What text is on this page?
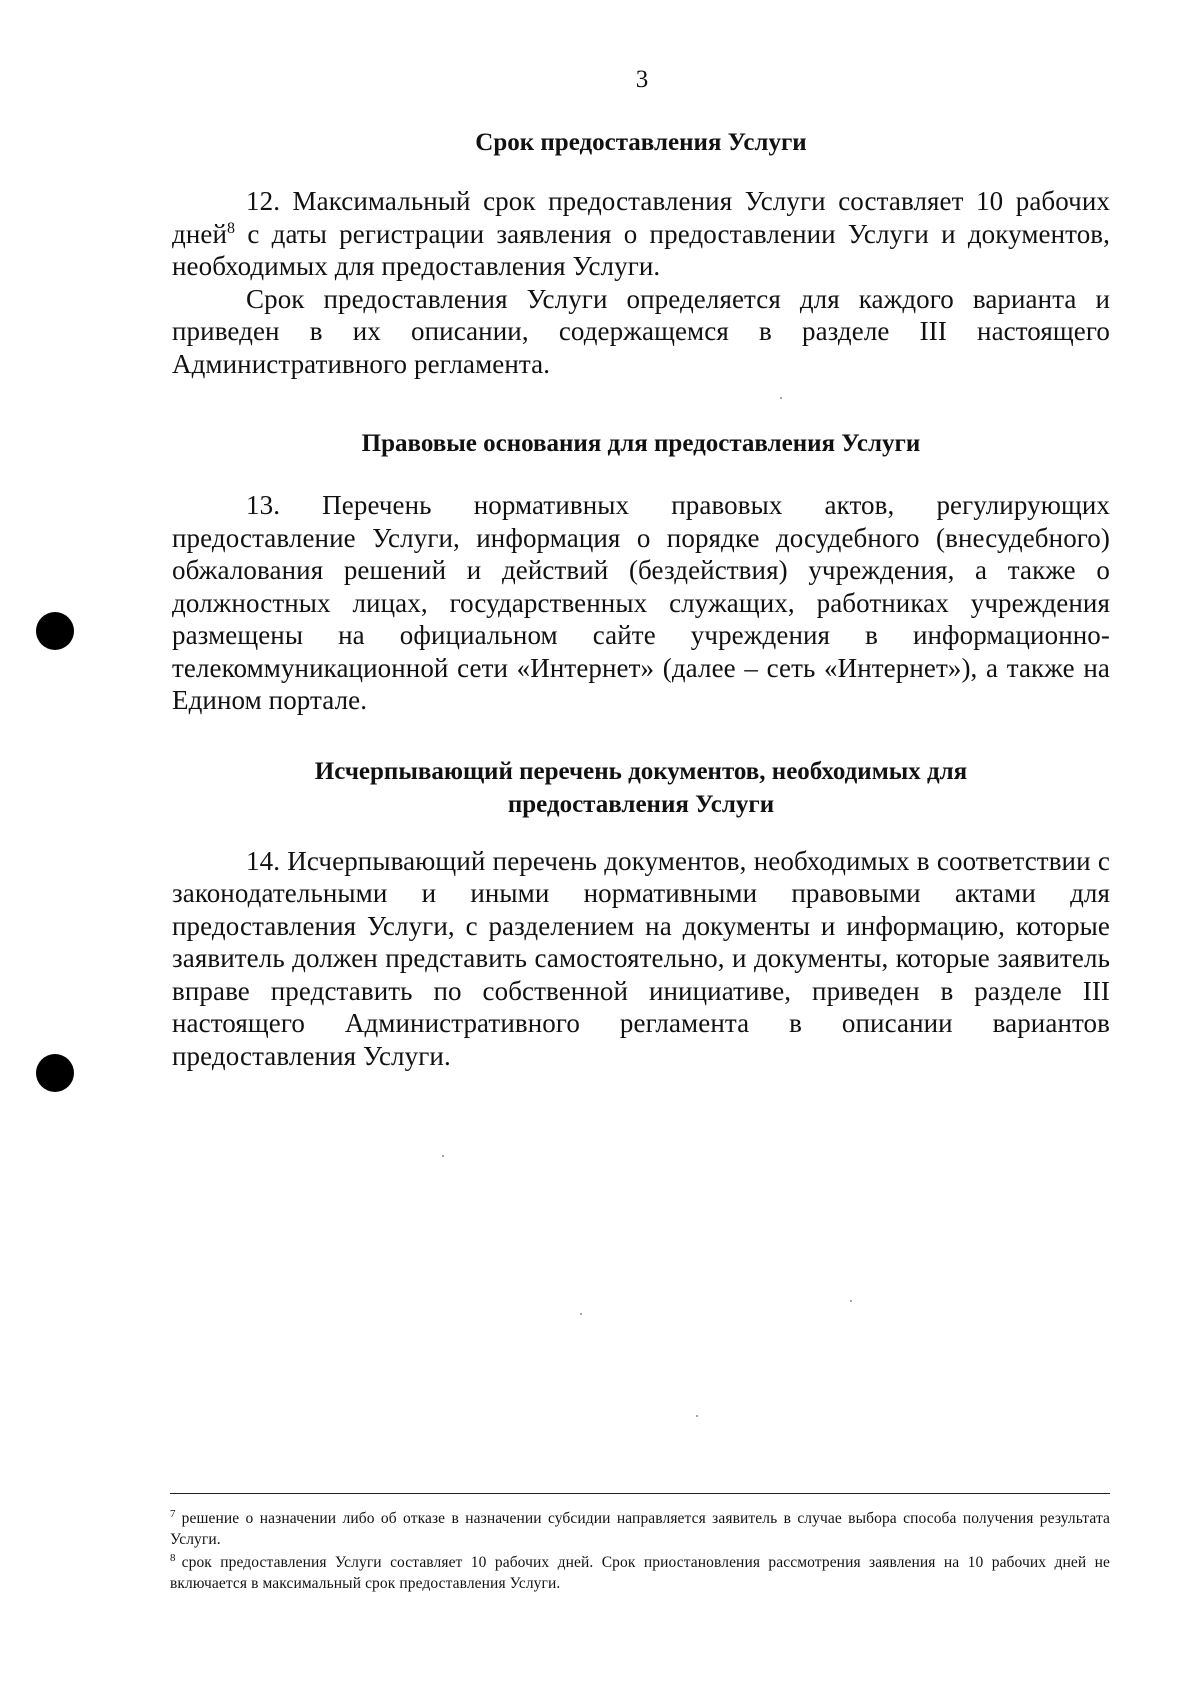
3
Срок предоставления Услуги

12. Максимальный срок предоставления Услуги составляет 10 рабочих дней$^8$ с даты регистрации заявления о предоставлении Услуги и документов, необходимых для предоставления Услуги.

Срок предоставления Услуги определяется для каждого варианта и приведен в их описании, содержащемся в разделе III настоящего Административного регламента.

Правовые основания для предоставления Услуги

13. Перечень нормативных правовых актов, регулирующих предоставление Услуги, информация о порядке досудебного (внесудебного) обжалования решений и действий (бездействия) учреждения, а также о должностных лицах, государственных служащих, работниках учреждения размещены на официальном сайте учреждения в информационно-телекоммуникационной сети «Интернет» (далее – сеть «Интернет»), а также на Едином портале.

Исчерпывающий перечень документов, необходимых для
предоставления Услуги

14. Исчерпывающий перечень документов, необходимых в соответствии с законодательными и иными нормативными правовыми актами для предоставления Услуги, с разделением на документы и информацию, которые заявитель должен представить самостоятельно, и документы, которые заявитель вправе представить по собственной инициативе, приведен в разделе III настоящего Административного регламента в описании вариантов предоставления Услуги.

$^7$ решение о назначении либо об отказе в назначении субсидии направляется заявитель в случае выбора способа получения результата Услуги.

$^8$ срок предоставления Услуги составляет 10 рабочих дней. Срок приостановления рассмотрения заявления на 10 рабочих дней не включается в максимальный срок предоставления Услуги.
